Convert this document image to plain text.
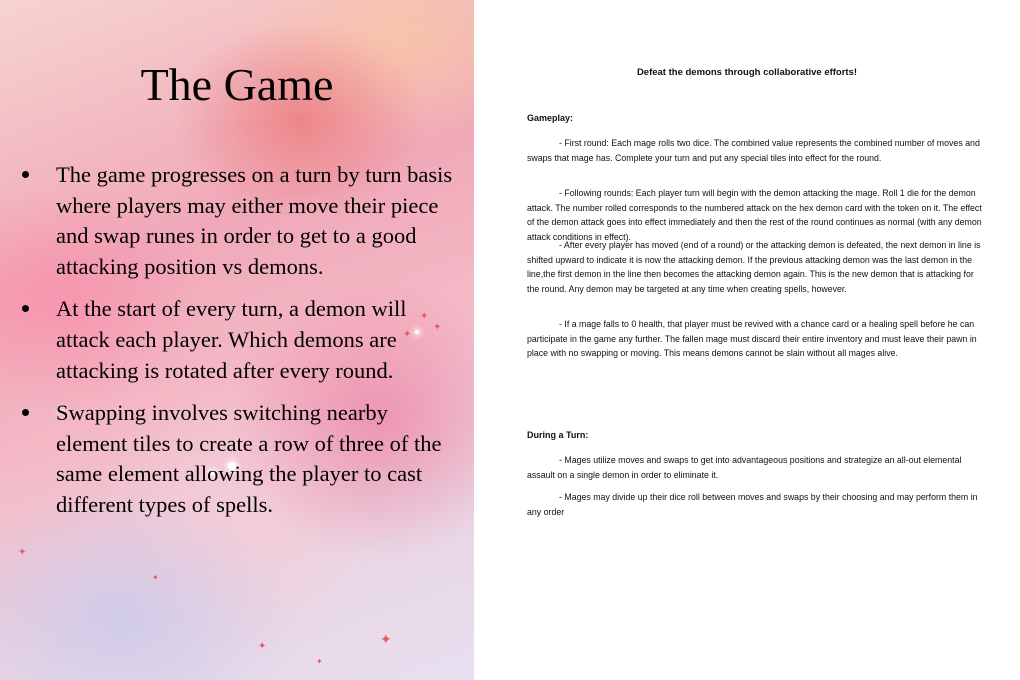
✦
✦
✦
✦
✦
✦
✦
✦
The Game
The game progresses on a turn by turn basis where players may either move their piece and swap runes in order to get to a good attacking position vs demons.
At the start of every turn, a demon will attack each player. Which demons are attacking is rotated after every round.
Swapping involves switching nearby element tiles to create a row of three of the same element allowing the player to cast different types of spells.
Defeat the demons through collaborative efforts!
Gameplay:

- First round: Each mage rolls two dice. The combined value represents the combined number of moves and swaps that mage has. Complete your turn and put any special tiles into effect for the round.

- Following rounds: Each player turn will begin with the demon attacking the mage. Roll 1 die for the demon attack. The number rolled corresponds to the numbered attack on the hex demon card with the token on it. The effect of the demon attack goes into effect immediately and then the rest of the round continues as normal (with any demon attack conditions in effect).

- After every player has moved (end of a round) or the attacking demon is defeated, the next demon in line is shifted upward to indicate it is now the attacking demon. If the previous attacking demon was the last demon in the line,the first demon in the line then becomes the attacking demon again. This is the new demon that is attacking for the round. Any demon may be targeted at any time when creating spells, however.

- If a mage falls to 0 health, that player must be revived with a chance card or a healing spell before he can participate in the game any further. The fallen mage must discard their entire inventory and must leave their pawn in place with no swapping or moving. This means demons cannot be slain without all mages alive.

During a Turn:

- Mages utilize moves and swaps to get into advantageous positions and strategize an all-out elemental assault on a single demon in order to eliminate it.

- Mages may divide up their dice roll between moves and swaps by their choosing and may perform them in any order
